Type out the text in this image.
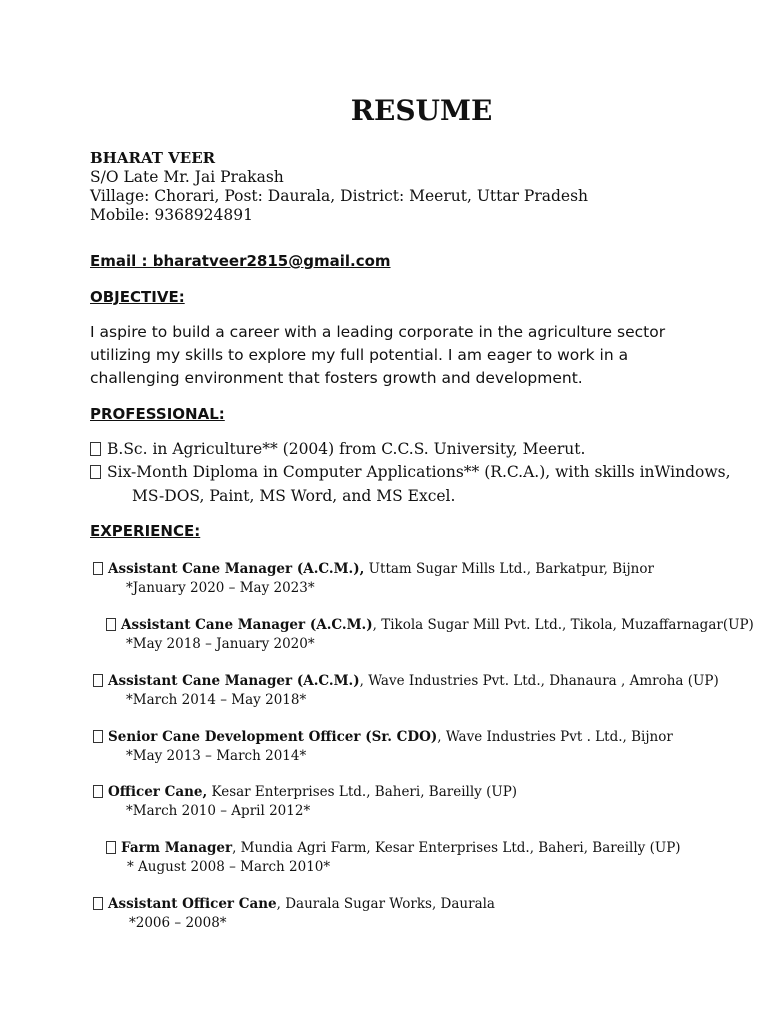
RESUME
BHARAT VEER
S/O Late Mr. Jai Prakash
Village: Chorari, Post: Daurala, District: Meerut, Uttar Pradesh
Mobile: 9368924891
Email : bharatveer2815@gmail.com
OBJECTIVE:
I aspire to build a career with a leading corporate in the agriculture sector utilizing my skills to explore my full potential. I am eager to work in a challenging environment that fosters growth and development.
PROFESSIONAL:
B.Sc. in Agriculture** (2004) from C.C.S. University, Meerut.
Six-Month Diploma in Computer Applications** (R.C.A.), with skills inWindows,
MS-DOS, Paint, MS Word, and MS Excel.
EXPERIENCE:
Assistant Cane Manager (A.C.M.), Uttam Sugar Mills Ltd., Barkatpur, Bijnor
*January 2020 – May 2023*
Assistant Cane Manager (A.C.M.), Tikola Sugar Mill Pvt. Ltd., Tikola, Muzaffarnagar(UP)
*May 2018 – January 2020*
Assistant Cane Manager (A.C.M.), Wave Industries Pvt. Ltd., Dhanaura , Amroha (UP)
*March 2014 – May 2018*
Senior Cane Development Officer (Sr. CDO), Wave Industries Pvt . Ltd., Bijnor
*May 2013 – March 2014*
Officer Cane, Kesar Enterprises Ltd., Baheri, Bareilly (UP)
*March 2010 – April 2012*
Farm Manager, Mundia Agri Farm, Kesar Enterprises Ltd., Baheri, Bareilly (UP)
* August 2008 – March 2010*
Assistant Officer Cane, Daurala Sugar Works, Daurala
*2006 – 2008*
